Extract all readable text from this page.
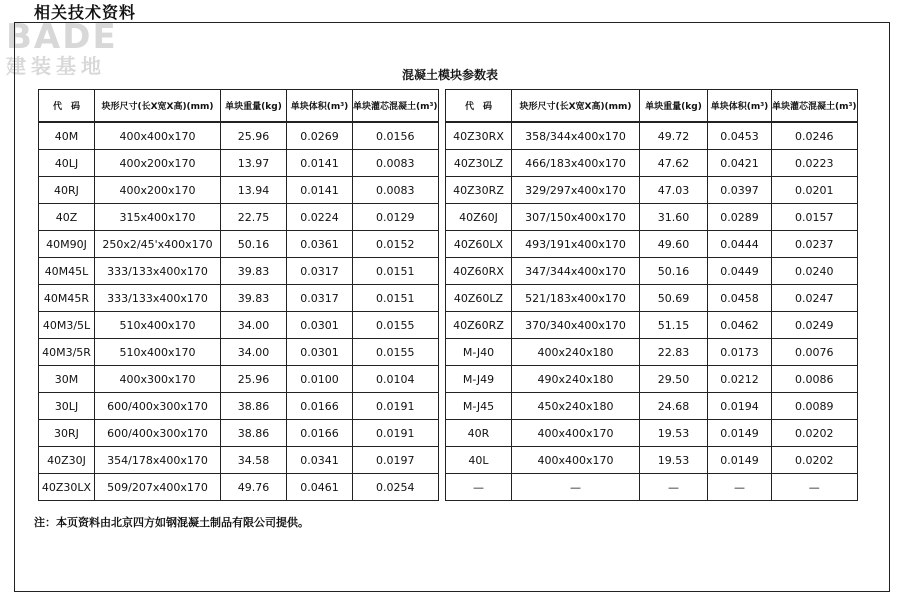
相关技术资料
BADE
建装基地	混凝土模块参数表
代　码	块形尺寸(长X宽X高)(mm)	单块重量(kg)	单块体积(m³)	单块灌芯混凝土(m³)
40M	400x400x170	25.96	0.0269	0.0156
40LJ	400x200x170	13.97	0.0141	0.0083
40RJ	400x200x170	13.94	0.0141	0.0083
40Z	315x400x170	22.75	0.0224	0.0129
40M90J	250x2/45'x400x170	50.16	0.0361	0.0152
40M45L	333/133x400x170	39.83	0.0317	0.0151
40M45R	333/133x400x170	39.83	0.0317	0.0151
40M3/5L	510x400x170	34.00	0.0301	0.0155
40M3/5R	510x400x170	34.00	0.0301	0.0155
30M	400x300x170	25.96	0.0100	0.0104
30LJ	600/400x300x170	38.86	0.0166	0.0191
30RJ	600/400x300x170	38.86	0.0166	0.0191
40Z30J	354/178x400x170	34.58	0.0341	0.0197
40Z30LX	509/207x400x170	49.76	0.0461	0.0254
代　码	块形尺寸(长X宽X高)(mm)	单块重量(kg)	单块体积(m³)	单块灌芯混凝土(m³)
40Z30RX	358/344x400x170	49.72	0.0453	0.0246
40Z30LZ	466/183x400x170	47.62	0.0421	0.0223
40Z30RZ	329/297x400x170	47.03	0.0397	0.0201
40Z60J	307/150x400x170	31.60	0.0289	0.0157
40Z60LX	493/191x400x170	49.60	0.0444	0.0237
40Z60RX	347/344x400x170	50.16	0.0449	0.0240
40Z60LZ	521/183x400x170	50.69	0.0458	0.0247
40Z60RZ	370/340x400x170	51.15	0.0462	0.0249
M-J40	400x240x180	22.83	0.0173	0.0076
M-J49	490x240x180	29.50	0.0212	0.0086
M-J45	450x240x180	24.68	0.0194	0.0089
40R	400x400x170	19.53	0.0149	0.0202
40L	400x400x170	19.53	0.0149	0.0202
—	—	—	—	—
注：本页资料由北京四方如钢混凝土制品有限公司提供。
